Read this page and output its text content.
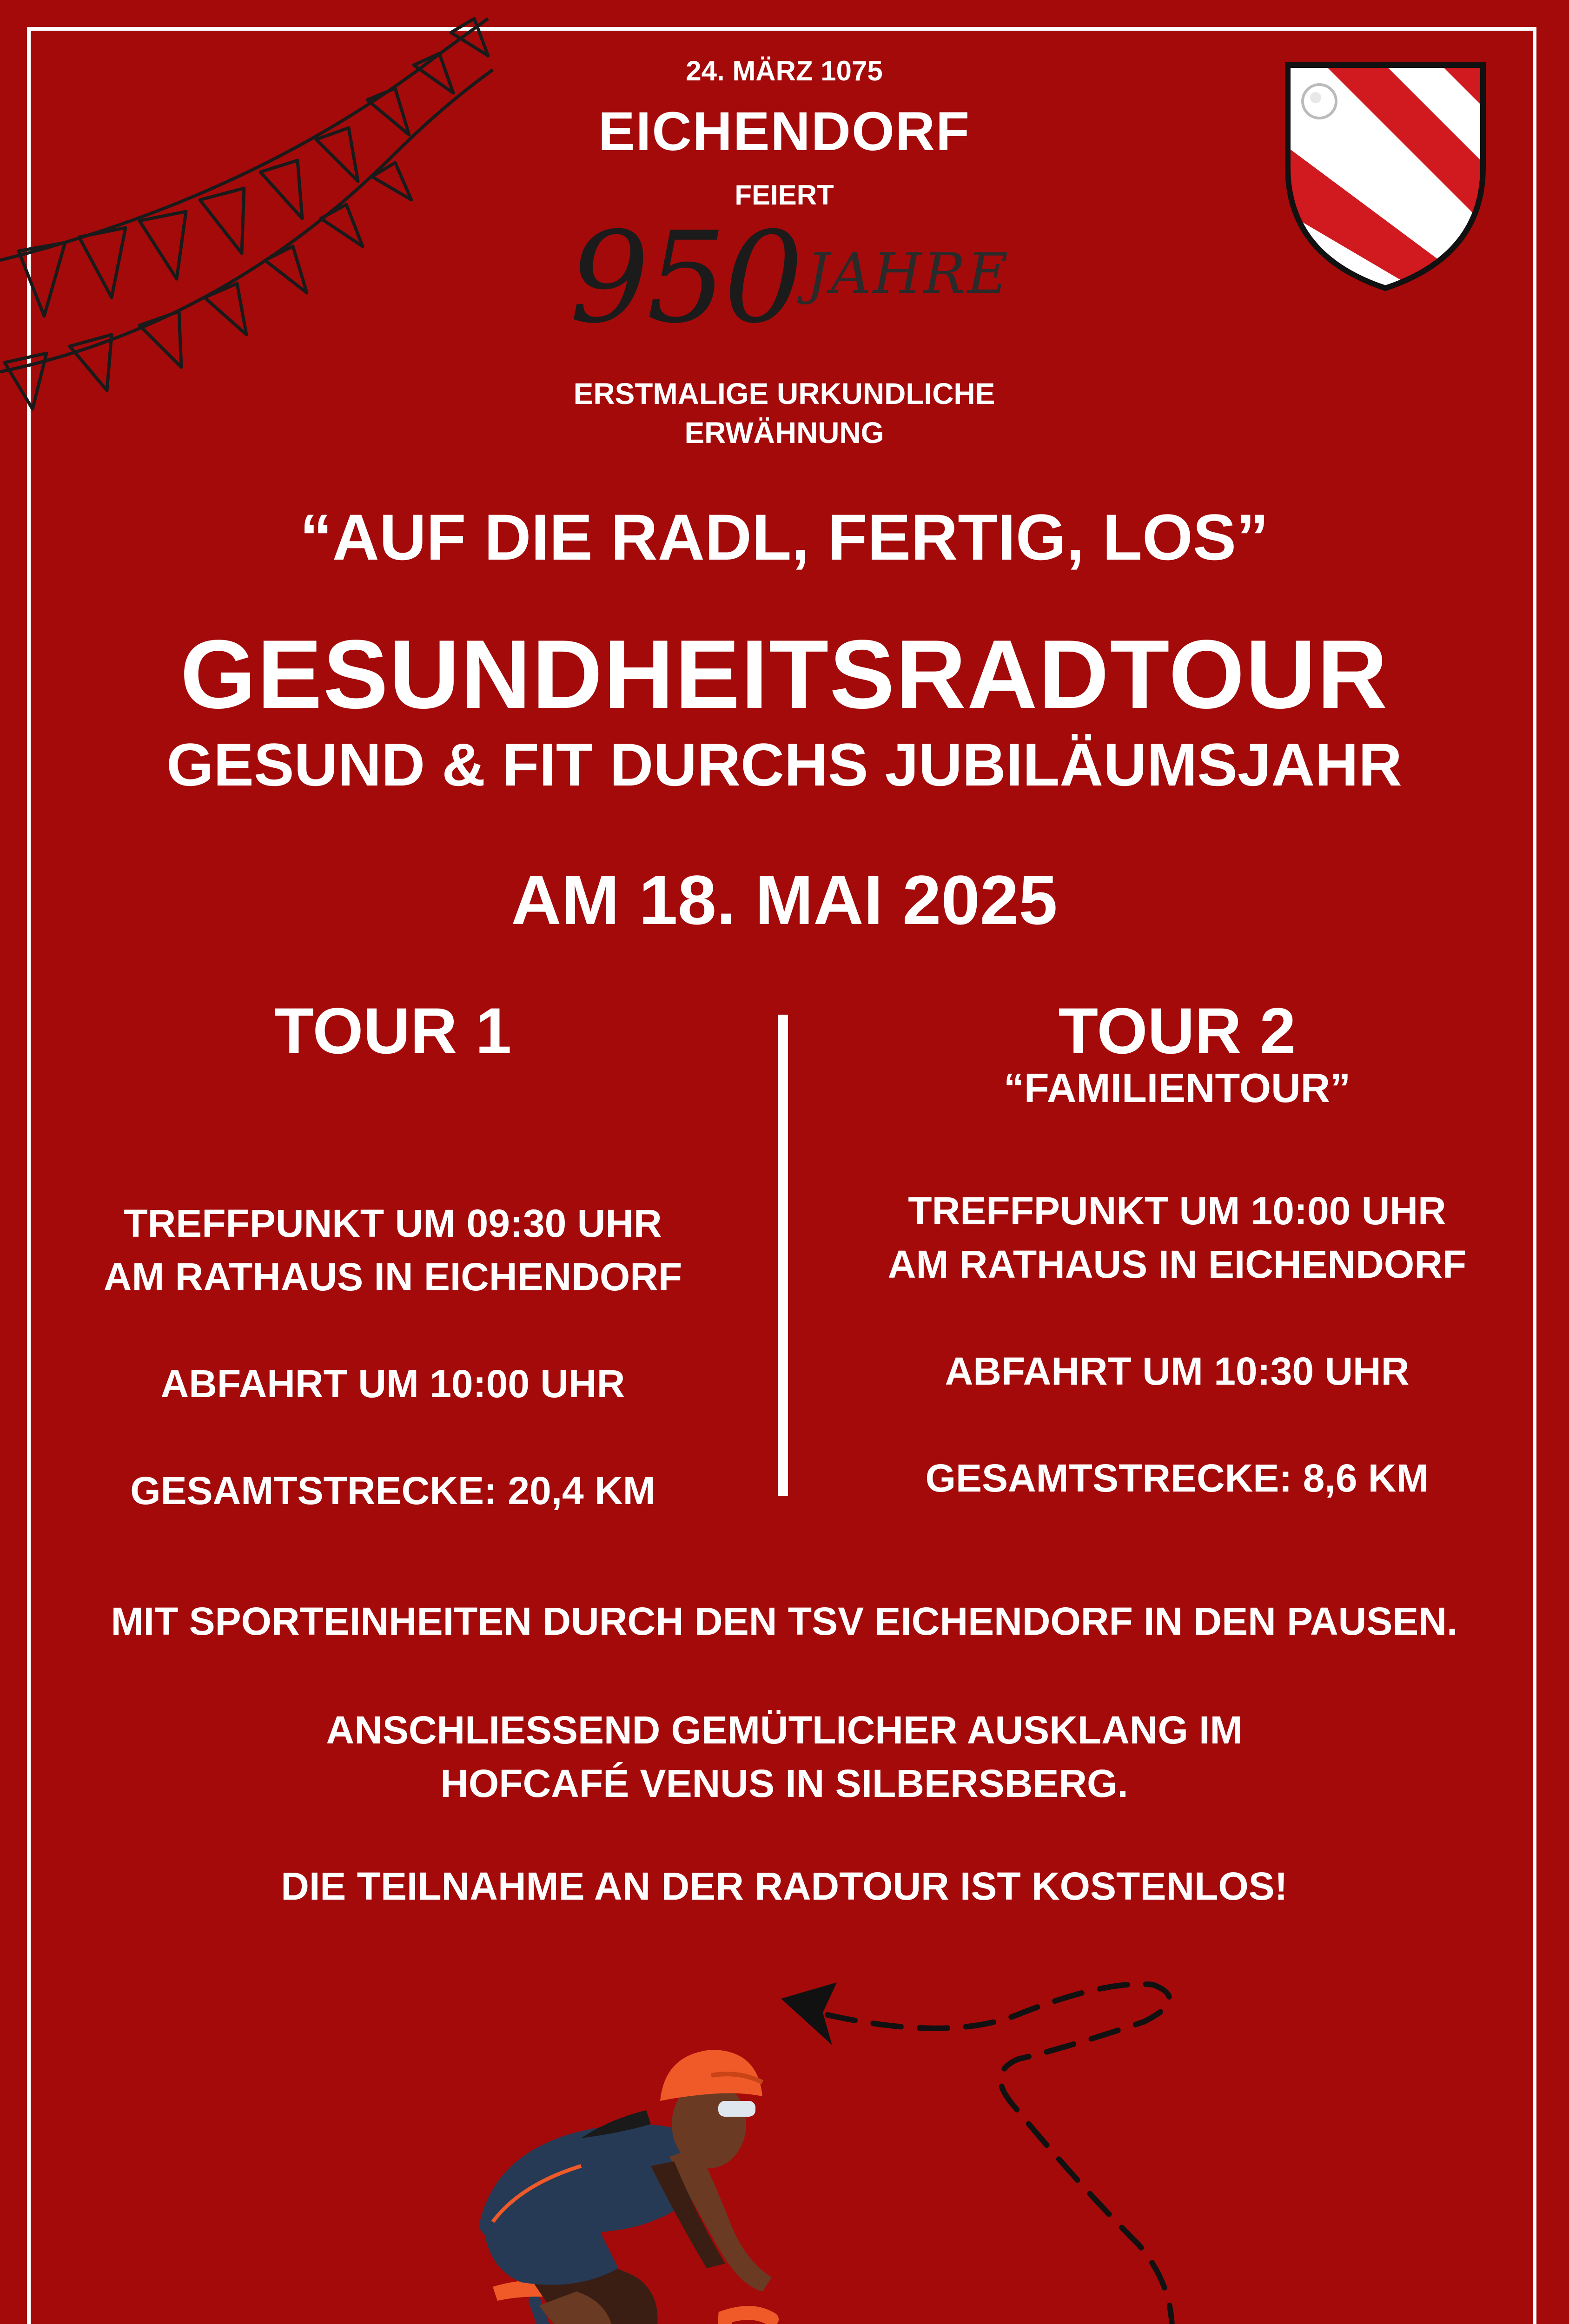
24. MÄRZ 1075
EICHENDORF
FEIERT
950 JAHRE
ERSTMALIGE URKUNDLICHE
ERWÄHNUNG
“AUF DIE RADL, FERTIG, LOS”
GESUNDHEITSRADTOUR
GESUND & FIT DURCHS JUBILÄUMSJAHR
AM 18. MAI 2025
TOUR 1
TREFFPUNKT UM 09:30 UHR
AM RATHAUS IN EICHENDORF
ABFAHRT UM 10:00 UHR
GESAMTSTRECKE: 20,4 KM
TOUR 2
“FAMILIENTOUR”
TREFFPUNKT UM 10:00 UHR
AM RATHAUS IN EICHENDORF
ABFAHRT UM 10:30 UHR
GESAMTSTRECKE: 8,6 KM
MIT SPORTEINHEITEN DURCH DEN TSV EICHENDORF IN DEN PAUSEN.
ANSCHLIESSEND GEMÜTLICHER AUSKLANG IM
HOFCAFÉ VENUS IN SILBERSBERG.
DIE TEILNAHME AN DER RADTOUR IST KOSTENLOS!
